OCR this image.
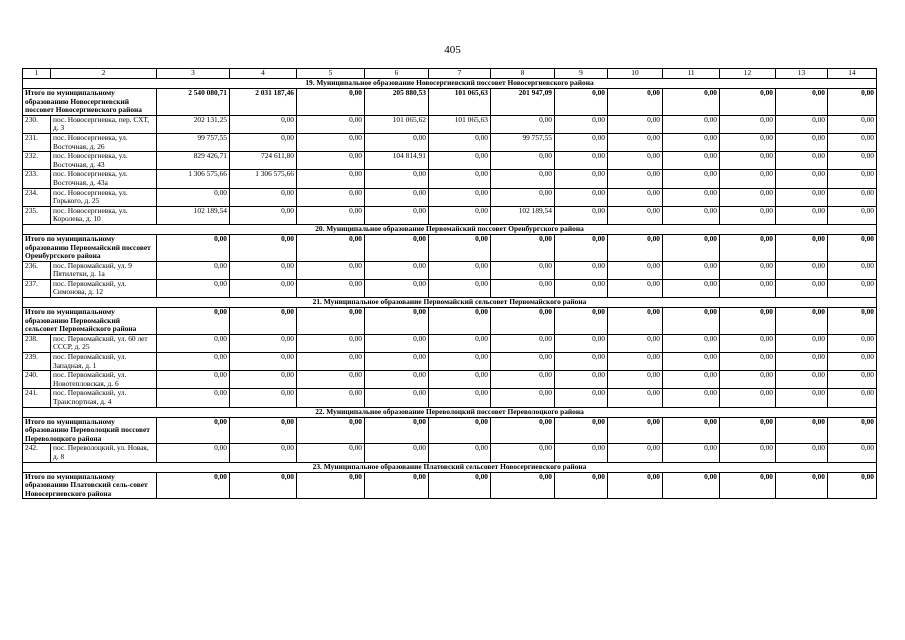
405
1	2	3	4	5	6	7	8	9	10	11	12	13	14
19. Муниципальное образование Новосергиевский поссовет Новосергиевского района													
Итого по муниципальному образованию Новосергиевский поссовет Новосергиевского района		2 540 080,71	2 031 187,46	0,00	205 880,53	101 065,63	201 947,09	0,00	0,00	0,00	0,00	0,00	0,00
230.	пос. Новосергиевка, пер. СХТ, д. 3	202 131,25	0,00	0,00	101 065,62	101 065,63	0,00	0,00	0,00	0,00	0,00	0,00	0,00
231.	пос. Новосергиевка, ул. Восточная, д. 26	99 757,55	0,00	0,00	0,00	0,00	99 757,55	0,00	0,00	0,00	0,00	0,00	0,00
232.	пос. Новосергиевка, ул. Восточная, д. 43	829 426,71	724 611,80	0,00	104 814,91	0,00	0,00	0,00	0,00	0,00	0,00	0,00	0,00
233.	пос. Новосергиевка, ул. Восточная, д. 43а	1 306 575,66	1 306 575,66	0,00	0,00	0,00	0,00	0,00	0,00	0,00	0,00	0,00	0,00
234.	пос. Новосергиевка, ул. Горького, д. 25	0,00	0,00	0,00	0,00	0,00	0,00	0,00	0,00	0,00	0,00	0,00	0,00
235.	пос. Новосергиевка, ул. Королева, д. 10	102 189,54	0,00	0,00	0,00	0,00	102 189,54	0,00	0,00	0,00	0,00	0,00	0,00
20. Муниципальное образование Первомайский поссовет Оренбургского района													
Итого по муниципальному образованию Первомайский поссовет Оренбургского района		0,00	0,00	0,00	0,00	0,00	0,00	0,00	0,00	0,00	0,00	0,00	0,00
236.	пос. Первомайский, ул. 9 Пятилетки, д. 1а	0,00	0,00	0,00	0,00	0,00	0,00	0,00	0,00	0,00	0,00	0,00	0,00
237.	пос. Первомайский, ул. Симонова, д. 12	0,00	0,00	0,00	0,00	0,00	0,00	0,00	0,00	0,00	0,00	0,00	0,00
21. Муниципальное образование Первомайский сельсовет Первомайского района													
Итого по муниципальному образованию Первомайский сельсовет Первомайского района		0,00	0,00	0,00	0,00	0,00	0,00	0,00	0,00	0,00	0,00	0,00	0,00
238.	пос. Первомайский, ул. 60 лет СССР, д. 25	0,00	0,00	0,00	0,00	0,00	0,00	0,00	0,00	0,00	0,00	0,00	0,00
239.	пос. Первомайский, ул. Западная, д. 1	0,00	0,00	0,00	0,00	0,00	0,00	0,00	0,00	0,00	0,00	0,00	0,00
240.	пос. Первомайский, ул. Новотепловская, д. 6	0,00	0,00	0,00	0,00	0,00	0,00	0,00	0,00	0,00	0,00	0,00	0,00
241.	пос. Первомайский, ул. Транспортная, д. 4	0,00	0,00	0,00	0,00	0,00	0,00	0,00	0,00	0,00	0,00	0,00	0,00
22. Муниципальное образование Переволоцкий поссовет Переволоцкого района													
Итого по муниципальному образованию Переволоцкий поссовет Переволоцкого района		0,00	0,00	0,00	0,00	0,00	0,00	0,00	0,00	0,00	0,00	0,00	0,00
242.	пос. Переволоцкий, ул. Новая, д. 8	0,00	0,00	0,00	0,00	0,00	0,00	0,00	0,00	0,00	0,00	0,00	0,00
23. Муниципальное образование Платовский сельсовет Новосергиевского района													
Итого по муниципальному образованию Платовский сель-совет Новосергиевского района		0,00	0,00	0,00	0,00	0,00	0,00	0,00	0,00	0,00	0,00	0,00	0,00
